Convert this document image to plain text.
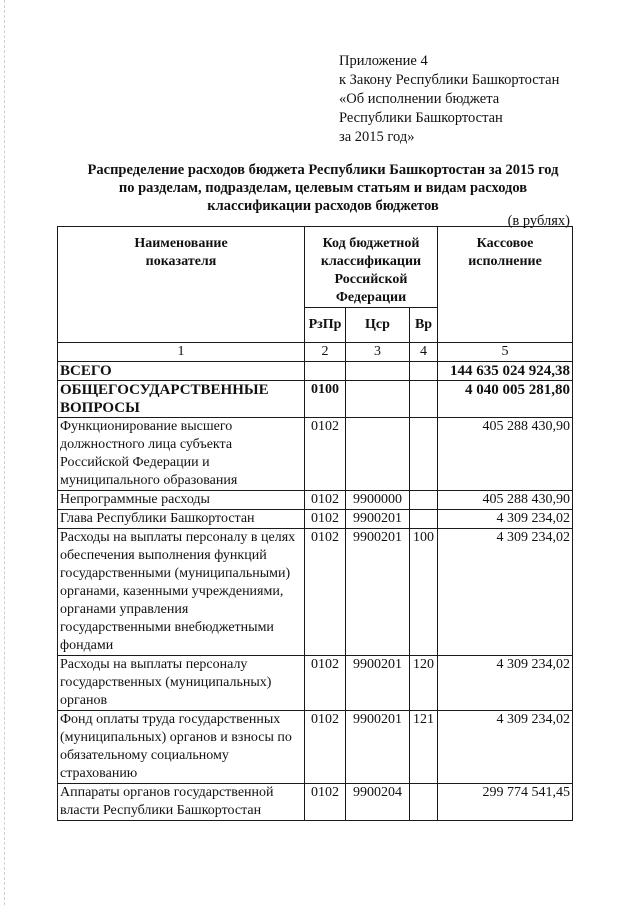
Приложение 4
к Закону Республики Башкортостан
«Об исполнении бюджета
Республики Башкортостан
за 2015 год»
Распределение расходов бюджета Республики Башкортостан за 2015 год
по разделам, подразделам, целевым статьям и видам расходов
классификации расходов бюджетов
(в рублях)
Наименование показателя	Код бюджетной классификации Российской Федерации			Кассовое исполнение
	РзПр	Цср	Вр	
1	2	3	4	5
ВСЕГО				144 635 024 924,38
ОБЩЕГОСУДАРСТВЕННЫЕ ВОПРОСЫ	0100			4 040 005 281,80
Функционирование высшего должностного лица субъекта Российской Федерации и муниципального образования	0102			405 288 430,90
Непрограммные расходы	0102	9900000		405 288 430,90
Глава Республики Башкортостан	0102	9900201		4 309 234,02
Расходы на выплаты персоналу в целях обеспечения выполнения функций государственными (муниципальными) органами, казенными учреждениями, органами управления государственными внебюджетными фондами	0102	9900201	100	4 309 234,02
Расходы на выплаты персоналу государственных (муниципальных) органов	0102	9900201	120	4 309 234,02
Фонд оплаты труда государственных (муниципальных) органов и взносы по обязательному социальному страхованию	0102	9900201	121	4 309 234,02
Аппараты органов государственной власти Республики Башкортостан	0102	9900204		299 774 541,45
